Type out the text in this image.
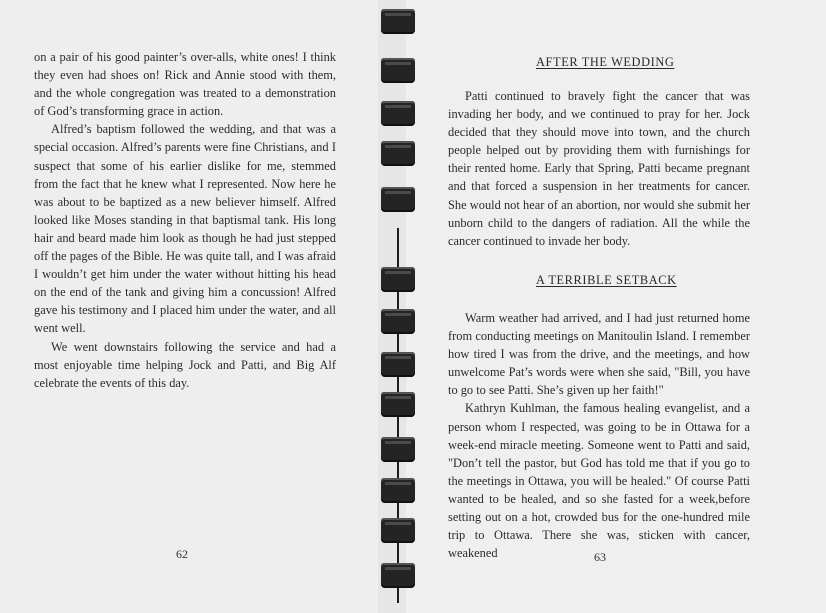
on a pair of his good painter’s over-alls, white ones! I think they even had shoes on! Rick and Annie stood with them, and the whole congregation was treated to a demonstration of God’s transforming grace in action.

Alfred’s baptism followed the wedding, and that was a special occasion. Alfred’s parents were fine Christians, and I suspect that some of his earlier dislike for me, stemmed from the fact that he knew what I represented. Now here he was about to be baptized as a new believer himself. Alfred looked like Moses standing in that baptismal tank. His long hair and beard made him look as though he had just stepped off the pages of the Bible. He was quite tall, and I was afraid I wouldn’t get him under the water without hitting his head on the end of the tank and giving him a concussion! Alfred gave his testimony and I placed him under the water, and all went well.

We went downstairs following the service and had a most enjoyable time helping Jock and Patti, and Big Alf celebrate the events of this day.

62
AFTER THE WEDDING

Patti continued to bravely fight the cancer that was invading her body, and we continued to pray for her. Jock decided that they should move into town, and the church people helped out by providing them with furnishings for their rented home. Early that Spring, Patti became pregnant and that forced a suspension in her treatments for cancer. She would not hear of an abortion, nor would she submit her unborn child to the dangers of radiation. All the while the cancer continued to invade her body.

A TERRIBLE SETBACK

Warm weather had arrived, and I had just returned home from conducting meetings on Manitoulin Island. I remember how tired I was from the drive, and the meetings, and how unwelcome Pat’s words were when she said, "Bill, you have to go to see Patti. She’s given up her faith!"

Kathryn Kuhlman, the famous healing evangelist, and a person whom I respected, was going to be in Ottawa for a week-end miracle meeting. Someone went to Patti and said, "Don’t tell the pastor, but God has told me that if you go to the meetings in Ottawa, you will be healed." Of course Patti wanted to be healed, and so she fasted for a week,before setting out on a hot, crowded bus for the one-hundred mile trip to Ottawa. There she was, sticken with cancer, weakened	63
